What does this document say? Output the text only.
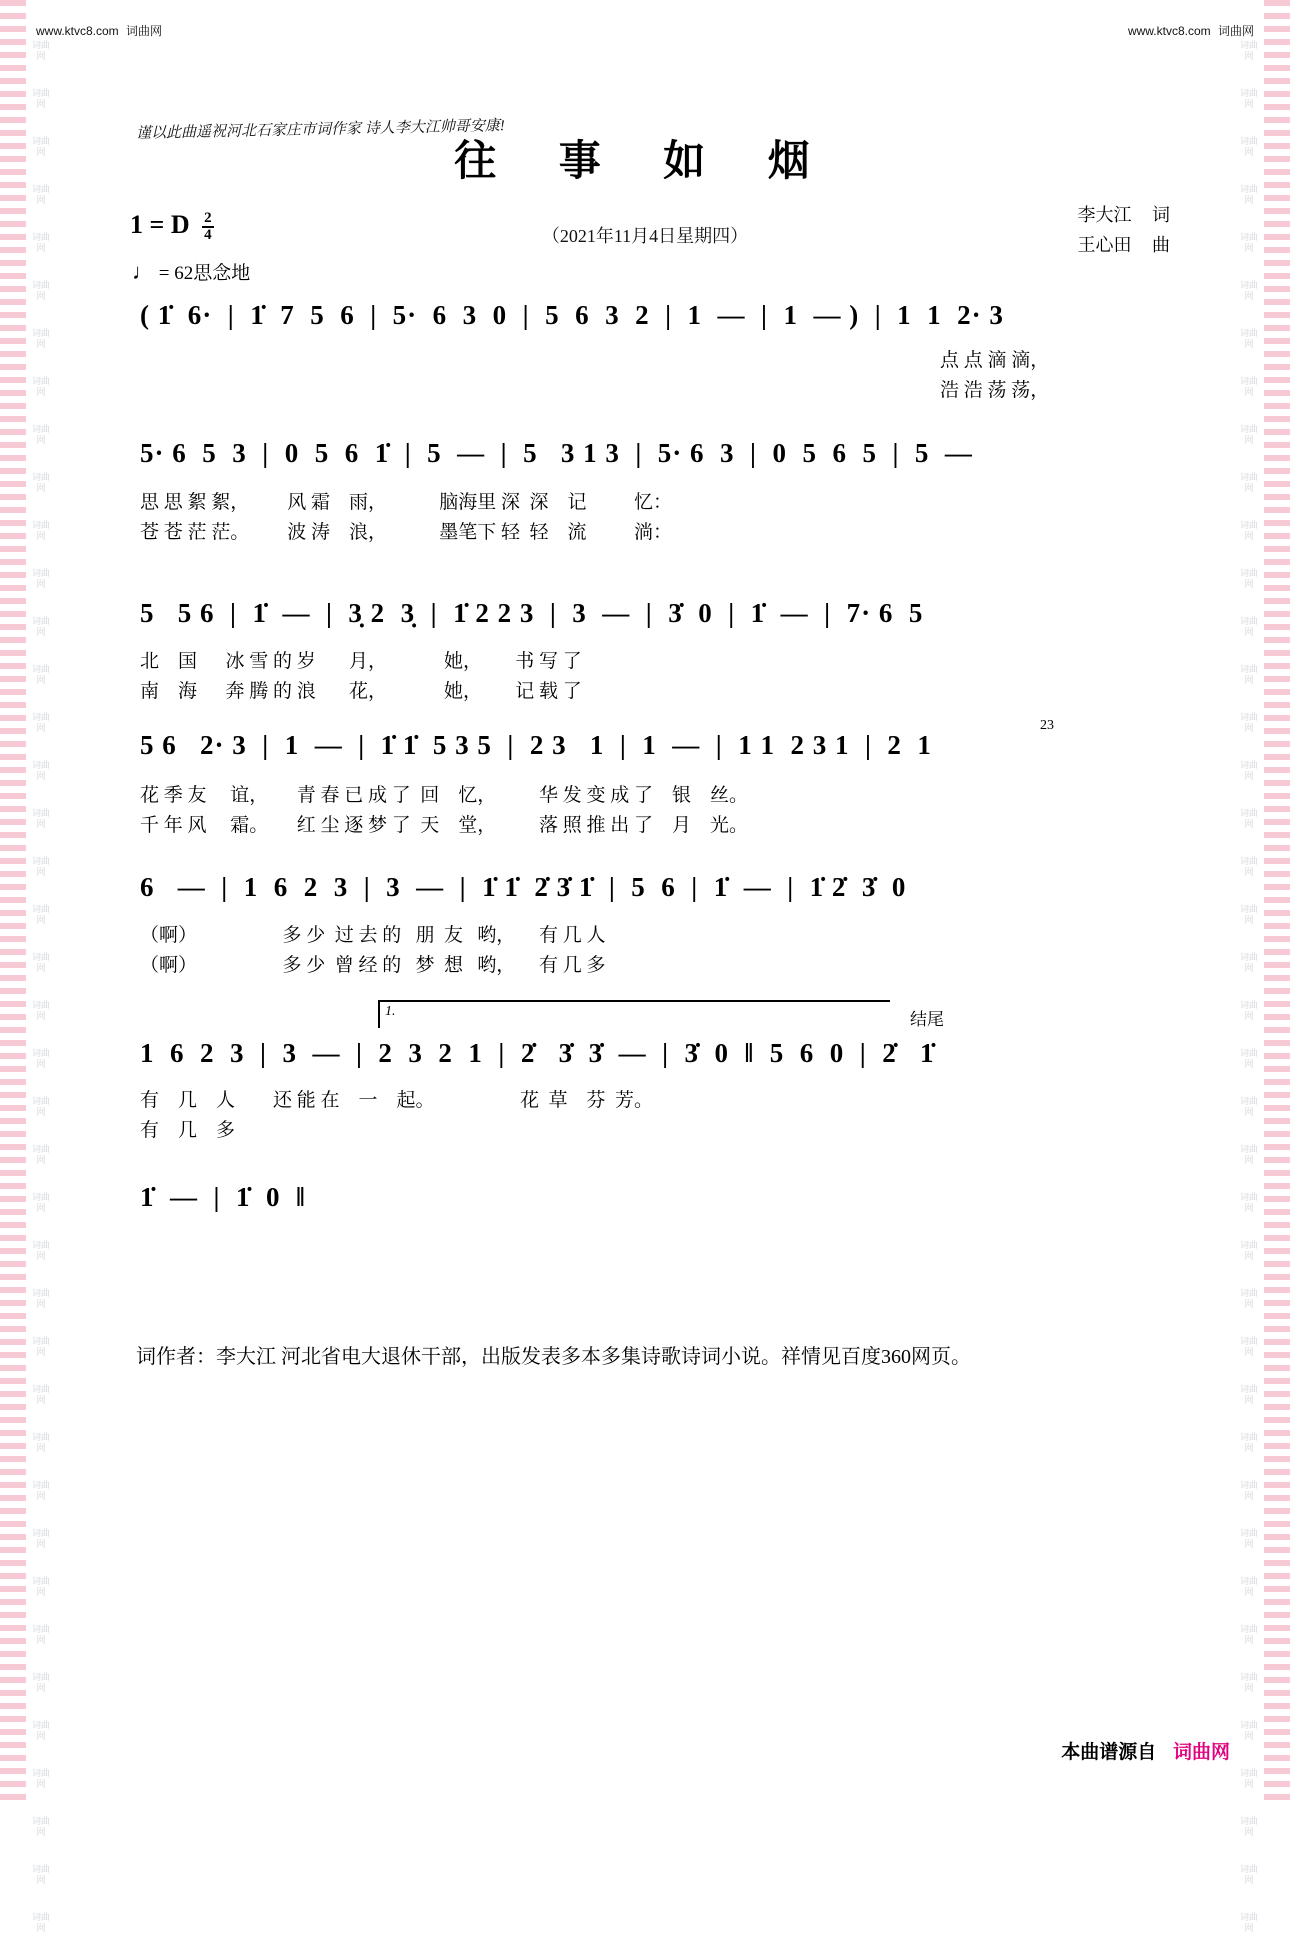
词曲网
词曲网
词曲网
词曲网
词曲网
词曲网
词曲网
词曲网
词曲网
词曲网
词曲网
词曲网
词曲网
词曲网
词曲网
词曲网
词曲网
词曲网
词曲网
词曲网
词曲网
词曲网
词曲网
词曲网
词曲网
词曲网
词曲网
词曲网
词曲网
词曲网
词曲网
词曲网
词曲网
词曲网
词曲网
词曲网
词曲网
词曲网
词曲网
词曲网
词曲网
词曲网
词曲网
词曲网
词曲网
词曲网
词曲网
词曲网
词曲网
词曲网
词曲网
词曲网
词曲网
词曲网
词曲网
词曲网
词曲网
词曲网
词曲网
词曲网
词曲网
词曲网
词曲网
词曲网
词曲网
词曲网
词曲网
词曲网
词曲网
词曲网
词曲网
词曲网
词曲网
词曲网
词曲网
词曲网
词曲网
词曲网
词曲网
词曲网
www.ktvc8.com 词曲网	www.ktvc8.com 词曲网
谨以此曲遥祝河北石家庄市词作家 诗人李大江帅哥安康!
往 事 如 烟
（2021年11月4日星期四）
1 = D $\frac{2}{4}$
♩ = 62思念地
李大江 词
王心田 曲
( 1̇  6·  |  1̇  7  5  6  |  5·  6  3  0  |  5  6  3  2  |  1  —  |  1  — )  |  1  1  2· 3
点 点 滴 滴，
浩 浩 荡 荡，
5· 6  5  3  |  0  5  6  1̇  |  5  —  |  5   3 1 3  |  5· 6  3  |  0  5  6  5  |  5  —
思 思 絮 絮，        风 霜    雨，           脑海里 深  深    记          忆：
苍 苍 茫 茫。        波 涛    浪，           墨笔下 轻  轻    流          淌：
5   5 6  |  1̇  —  |  3̣ 2  3̣  |  1̇ 2 2 3  |  3  —  |  3̇  0  |  1̇  —  |  7· 6  5
北    国      冰 雪 的 岁       月，            她，       书 写 了
南    海      奔 腾 的 浪       花，            她，       记 载 了
5 6   2· 3  |  1  —  |  1̇ 1̇  5 3 5  |  2 3   1  |  1  —  |  1 1  2 3 1  |  2  1
23
花 季 友     谊，      青 春 已 成 了  回    忆，         华 发 变 成 了    银    丝。
千 年 风     霜。      红 尘 逐 梦 了  天    堂，         落 照 推 出 了    月    光。
6   —  |  1  6  2  3  |  3  —  |  1̇ 1̇  2̇ 3̇ 1̇  |  5  6  |  1̇  —  |  1̇ 2̇  3̇  0
（啊）                  多 少  过 去 的   朋  友   哟，     有 几 人
（啊）                  多 少  曾 经 的   梦  想   哟，     有 几 多
1.	结尾
1  6  2  3  |  3  —  |  2  3  2  1  |  2̇   3̇  3̇  —  |  3̇  0  ‖  5  6  0  |  2̇   1̇
有    几    人        还 能 在    一    起。                  花  草    芬  芳。
有    几    多
1̇  —  |  1̇  0  ‖
词作者：李大江 河北省电大退休干部，出版发表多本多集诗歌诗词小说。祥情见百度360网页。
本曲谱源自 词曲网
